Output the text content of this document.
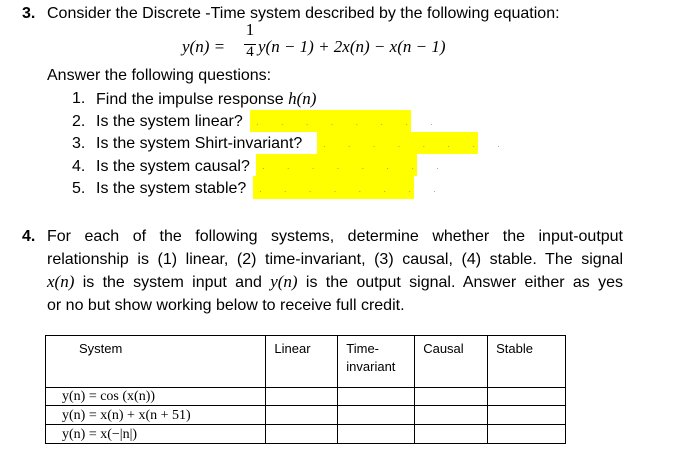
3. Consider the Discrete -Time system described by the following equation:
y(n) =
1
4 y(n − 1) + 2x(n) − x(n − 1)
Answer the following questions:
· · · · · · · ·
· · · · · · · ·
· · · · · · · ·
· · · · · · · ·
1. Find the impulse response h(n)
2. Is the system linear?
3. Is the system Shirt-invariant?
4. Is the system causal?
5. Is the system stable?
4. For each of the following systems, determine whether the input-output
relationship is (1) linear, (2) time-invariant, (3) causal, (4) stable. The signal
x(n) is the system input and y(n) is the output signal. Answer either as yes
or no but show working below to receive full credit.
System	Linear	Time-
invariant	Causal	Stable

y(n) = cos (x(n))				

y(n) = x(n) + x(n + 51)				

y(n) = x(−|n|)				
